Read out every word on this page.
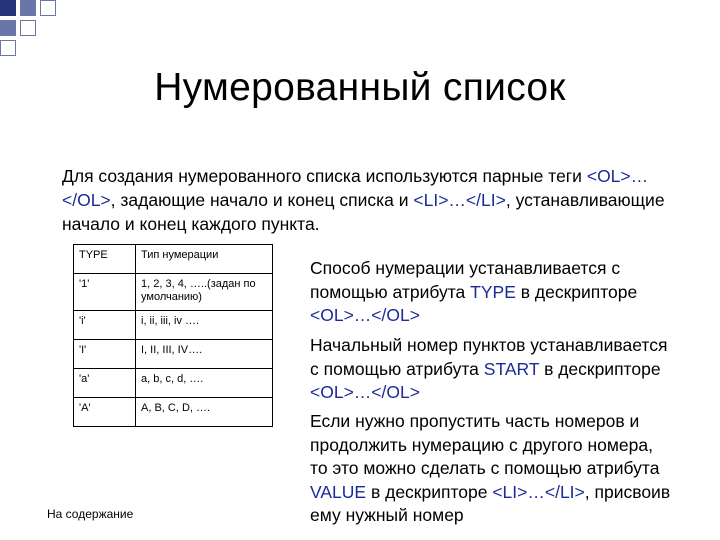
Нумерованный список

Для создания нумерованного списка используются парные теги <OL>…</OL>, задающие начало и конец списка и <LI>…</LI>, устанавливающие начало и конец каждого пункта.

TYPE	Тип нумерации
'1'	1, 2, 3, 4, …..(задан по умолчанию)
'i'	i, ii, iii, iv ….
'I'	I, II, III, IV….
'a'	a, b, c, d, ….
'A'	A, B, C, D, ….

Способ нумерации устанавливается с помощью атрибута TYPE в дескрипторе <OL>…</OL>

Начальный номер пунктов устанавливается с помощью атрибута START в дескрипторе <OL>…</OL>

Если нужно пропустить часть номеров и продолжить нумерацию с другого номера, то это можно сделать с помощью атрибута VALUE в дескрипторе <LI>…</LI>, присвоив ему нужный номер

На содержание
